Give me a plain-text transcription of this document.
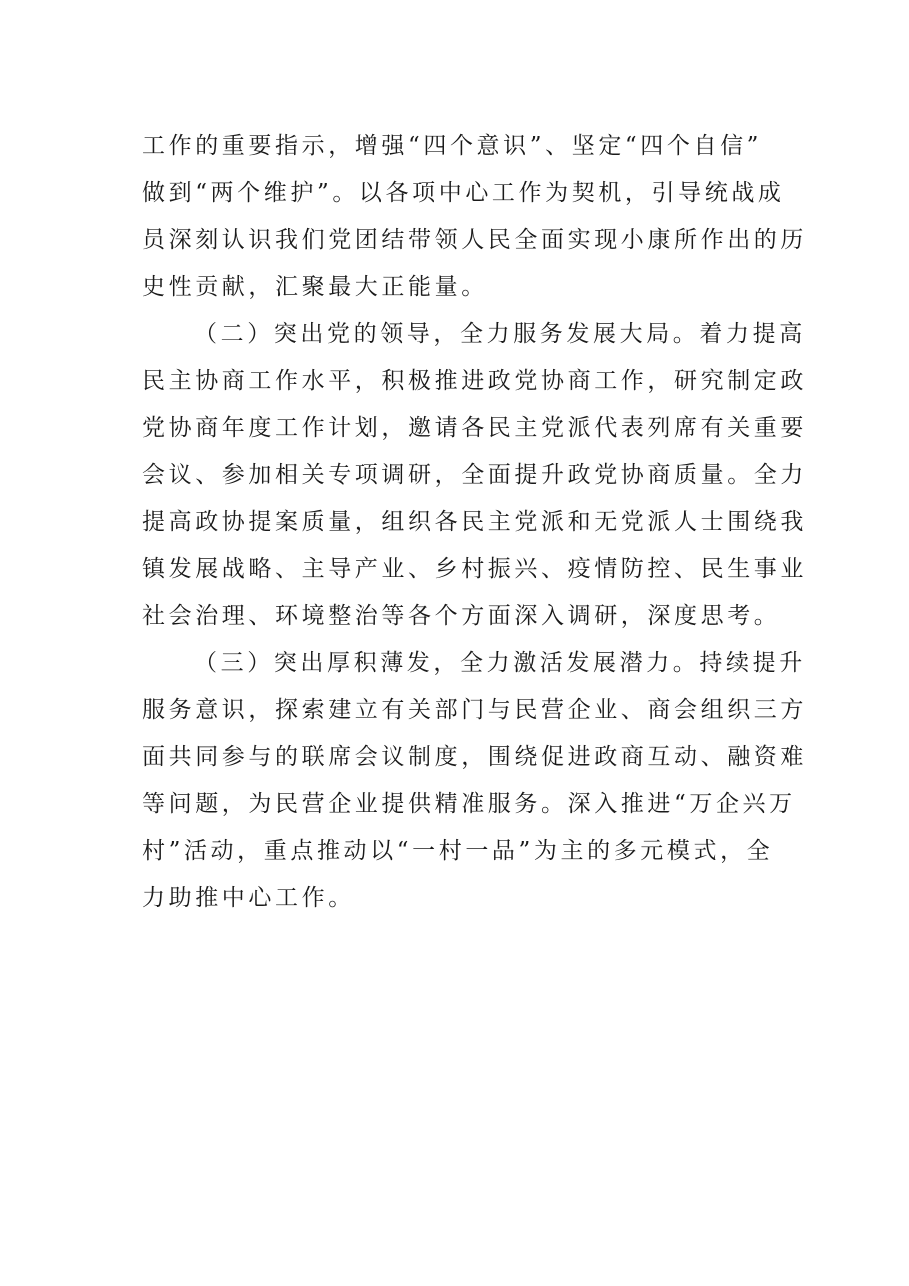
工作的重要指示，增强“四个意识”、坚定“四个自信”
做到“两个维护”。以各项中心工作为契机，引导统战成
员深刻认识我们党团结带领人民全面实现小康所作出的历
史性贡献，汇聚最大正能量。
（二）突出党的领导，全力服务发展大局。着力提高
民主协商工作水平，积极推进政党协商工作，研究制定政
党协商年度工作计划，邀请各民主党派代表列席有关重要
会议、参加相关专项调研，全面提升政党协商质量。全力
提高政协提案质量，组织各民主党派和无党派人士围绕我
镇发展战略、主导产业、乡村振兴、疫情防控、民生事业
社会治理、环境整治等各个方面深入调研，深度思考。
（三）突出厚积薄发，全力激活发展潜力。持续提升
服务意识，探索建立有关部门与民营企业、商会组织三方
面共同参与的联席会议制度，围绕促进政商互动、融资难
等问题，为民营企业提供精准服务。深入推进“万企兴万
村”活动，重点推动以“一村一品”为主的多元模式，全
力助推中心工作。
